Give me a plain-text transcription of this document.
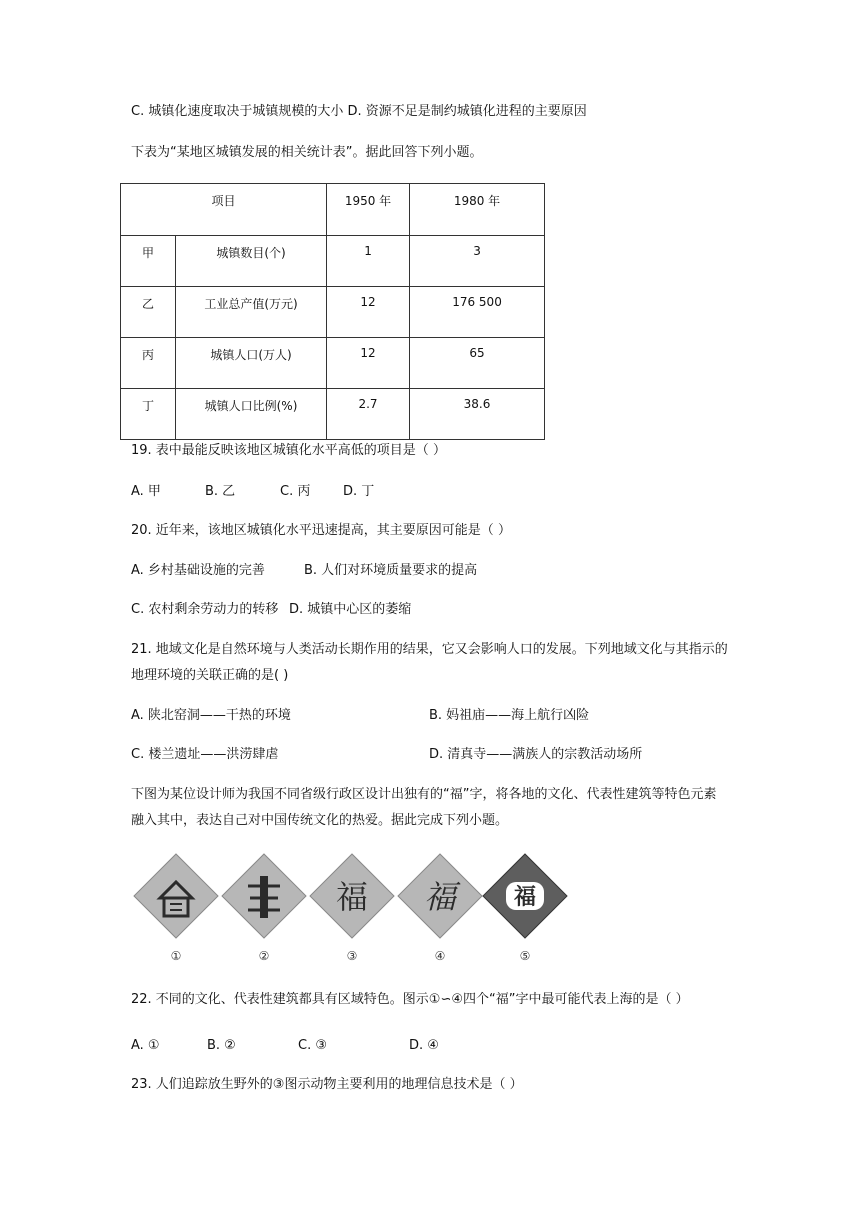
C. 城镇化速度取决于城镇规模的大小 D. 资源不足是制约城镇化进程的主要原因
下表为“某地区城镇发展的相关统计表”。据此回答下列小题。
项目		1950 年	1980 年
甲	城镇数目(个)	1	3
乙	工业总产值(万元)	12	176 500
丙	城镇人口(万人)	12	65
丁	城镇人口比例(%)	2.7	38.6
19. 表中最能反映该地区城镇化水平高低的项目是（ ）
A. 甲	B. 乙	C. 丙	D. 丁
20. 近年来，该地区城镇化水平迅速提高，其主要原因可能是（ ）
A. 乡村基础设施的完善	B. 人们对环境质量要求的提高
C. 农村剩余劳动力的转移 D. 城镇中心区的萎缩
21. 地域文化是自然环境与人类活动长期作用的结果，它又会影响人口的发展。下列地域文化与其指示的
地理环境的关联正确的是( )
A. 陕北窑洞——干热的环境	B. 妈祖庙——海上航行凶险
C. 楼兰遗址——洪涝肆虐	D. 清真寺——满族人的宗教活动场所
下图为某位设计师为我国不同省级行政区设计出独有的“福”字，将各地的文化、代表性建筑等特色元素
融入其中，表达自己对中国传统文化的热爱。据此完成下列小题。
①	②
福
③
福
④
福
⑤
22. 不同的文化、代表性建筑都具有区域特色。图示①∽④四个“福”字中最可能代表上海的是（ ）
A. ①	B. ②	C. ③	D. ④
23. 人们追踪放生野外的③图示动物主要利用的地理信息技术是（ ）
